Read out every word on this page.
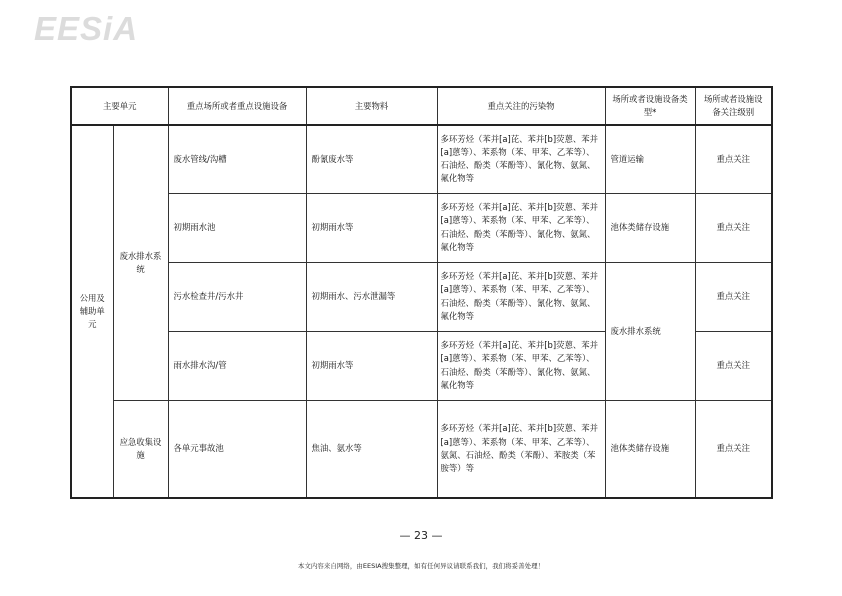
EESiA
主要单元		重点场所或者重点设施设备	主要物料	重点关注的污染物	场所或者设施设备类型*	场所或者设施设备关注级别
公用及辅助单元	废水排水系统	废水管线/沟槽	酚氰废水等	多环芳烃（苯并[a]芘、苯并[b]荧蒽、苯并[a]蒽等）、苯系物（苯、甲苯、乙苯等）、石油烃、酚类（苯酚等）、氰化物、氨氮、氟化物等	管道运输	重点关注
		初期雨水池	初期雨水等	多环芳烃（苯并[a]芘、苯并[b]荧蒽、苯并[a]蒽等）、苯系物（苯、甲苯、乙苯等）、石油烃、酚类（苯酚等）、氰化物、氨氮、氟化物等	池体类储存设施	重点关注
		污水检查井/污水井	初期雨水、污水泄漏等	多环芳烃（苯并[a]芘、苯并[b]荧蒽、苯并[a]蒽等）、苯系物（苯、甲苯、乙苯等）、石油烃、酚类（苯酚等）、氰化物、氨氮、氟化物等	废水排水系统	重点关注
		雨水排水沟/管	初期雨水等	多环芳烃（苯并[a]芘、苯并[b]荧蒽、苯并[a]蒽等）、苯系物（苯、甲苯、乙苯等）、石油烃、酚类（苯酚等）、氰化物、氨氮、氟化物等		重点关注
	应急收集设施	各单元事故池	焦油、氨水等	多环芳烃（苯并[a]芘、苯并[b]荧蒽、苯并[a]蒽等）、苯系物（苯、甲苯、乙苯等）、氨氮、石油烃、酚类（苯酚）、苯胺类（苯胺等）等	池体类储存设施	重点关注
— 23 —
本文内容来自网络，由EESIA搜集整理，如有任何异议请联系我们，我们将妥善处理！
